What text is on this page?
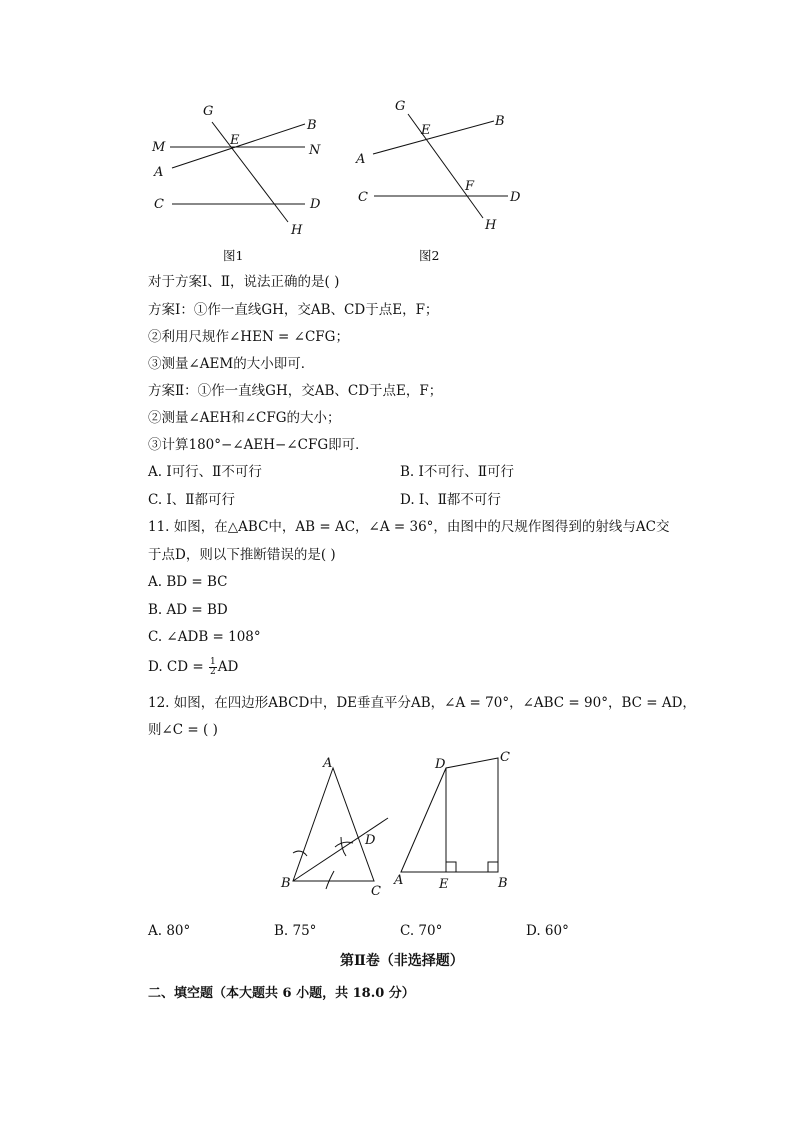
G
E
B
M	N
A
C	D
H
图1
G
E
B
A
F
C	D
H
图2
对于方案Ⅰ、Ⅱ，说法正确的是( )
方案Ⅰ：①作一直线GH，交AB、CD于点E，F；
②利用尺规作∠HEN = ∠CFG；
③测量∠AEM的大小即可．
方案Ⅱ：①作一直线GH，交AB、CD于点E，F；
②测量∠AEH和∠CFG的大小；
③计算180°−∠AEH−∠CFG即可．
A. Ⅰ可行、Ⅱ不可行	B. Ⅰ不可行、Ⅱ可行
C. Ⅰ、Ⅱ都可行	D. Ⅰ、Ⅱ都不可行
11. 如图，在△ABC中，AB = AC，∠A = 36°，由图中的尺规作图得到的射线与AC交
于点D，则以下推断错误的是( )
A. BD = BC
B. AD = BD
C. ∠ADB = 108°
D. CD = $\frac{1}{2}$ AD
12. 如图，在四边形ABCD中，DE垂直平分AB，∠A = 70°，∠ABC = 90°，BC = AD，
则∠C = ( )
A
D
B
C
D	C
A	E	B
A. 80°	B. 75°	C. 70°	D. 60°
第Ⅱ卷（非选择题）
二、填空题（本大题共 6 小题，共 18.0 分）
